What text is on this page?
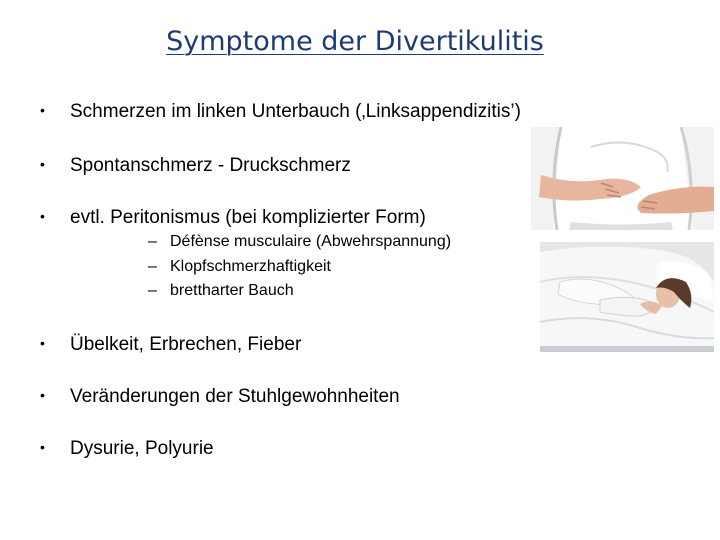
Symptome der Divertikulitis
• Schmerzen im linken Unterbauch (‚Linksappendizitis’)
• Spontanschmerz - Druckschmerz
• evtl. Peritonismus (bei komplizierter Form)
– Défènse musculaire (Abwehrspannung)
– Klopfschmerzhaftigkeit
– brettharter Bauch
• Übelkeit, Erbrechen, Fieber
• Veränderungen der Stuhlgewohnheiten
• Dysurie, Polyurie
